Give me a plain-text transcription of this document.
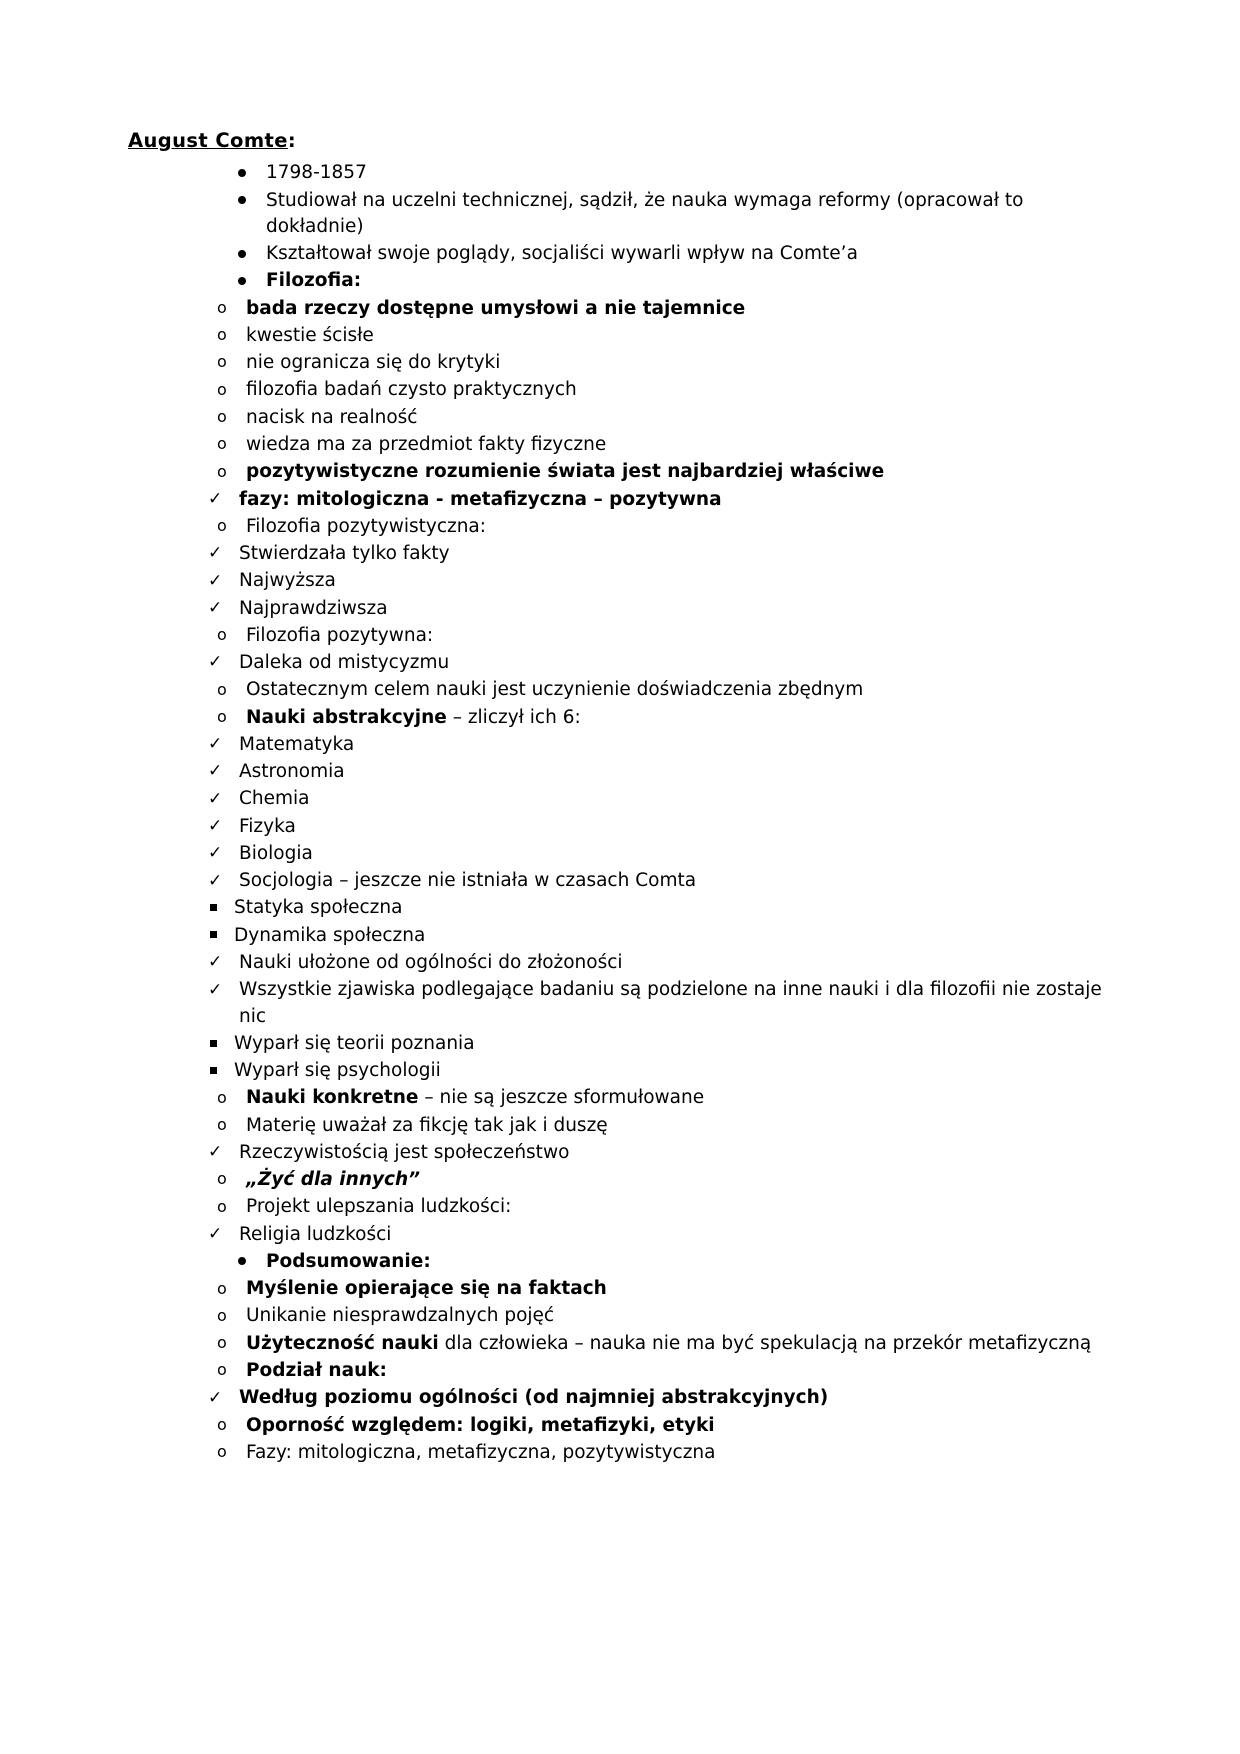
August Comte:
1798-1857
Studiował na uczelni technicznej, sądził, że nauka wymaga reformy (opracował to dokładnie)
Kształtował swoje poglądy, socjaliści wywarli wpływ na Comte’a
Filozofia:
o bada rzeczy dostępne umysłowi a nie tajemnice
o kwestie ścisłe
o nie ogranicza się do krytyki
o filozofia badań czysto praktycznych
o nacisk na realność
o wiedza ma za przedmiot fakty fizyczne
o pozytywistyczne rozumienie świata jest najbardziej właściwe
✓ fazy: mitologiczna - metafizyczna – pozytywna
o Filozofia pozytywistyczna:
✓ Stwierdzała tylko fakty
✓ Najwyższa
✓ Najprawdziwsza
o Filozofia pozytywna:
✓ Daleka od mistycyzmu
o Ostatecznym celem nauki jest uczynienie doświadczenia zbędnym
o Nauki abstrakcyjne – zliczył ich 6:
✓ Matematyka
✓ Astronomia
✓ Chemia
✓ Fizyka
✓ Biologia
✓ Socjologia – jeszcze nie istniała w czasach Comta
Statyka społeczna
Dynamika społeczna
✓ Nauki ułożone od ogólności do złożoności
✓ Wszystkie zjawiska podlegające badaniu są podzielone na inne nauki i dla filozofii nie zostaje nic
Wyparł się teorii poznania
Wyparł się psychologii
o Nauki konkretne – nie są jeszcze sformułowane
o Materię uważał za fikcję tak jak i duszę
✓ Rzeczywistością jest społeczeństwo
o „Żyć dla innych”
o Projekt ulepszania ludzkości:
✓ Religia ludzkości
Podsumowanie:
o Myślenie opierające się na faktach
o Unikanie niesprawdzalnych pojęć
o Użyteczność nauki dla człowieka – nauka nie ma być spekulacją na przekór metafizyczną
o Podział nauk:
✓ Według poziomu ogólności (od najmniej abstrakcyjnych)
o Oporność względem: logiki, metafizyki, etyki
o Fazy: mitologiczna, metafizyczna, pozytywistyczna
